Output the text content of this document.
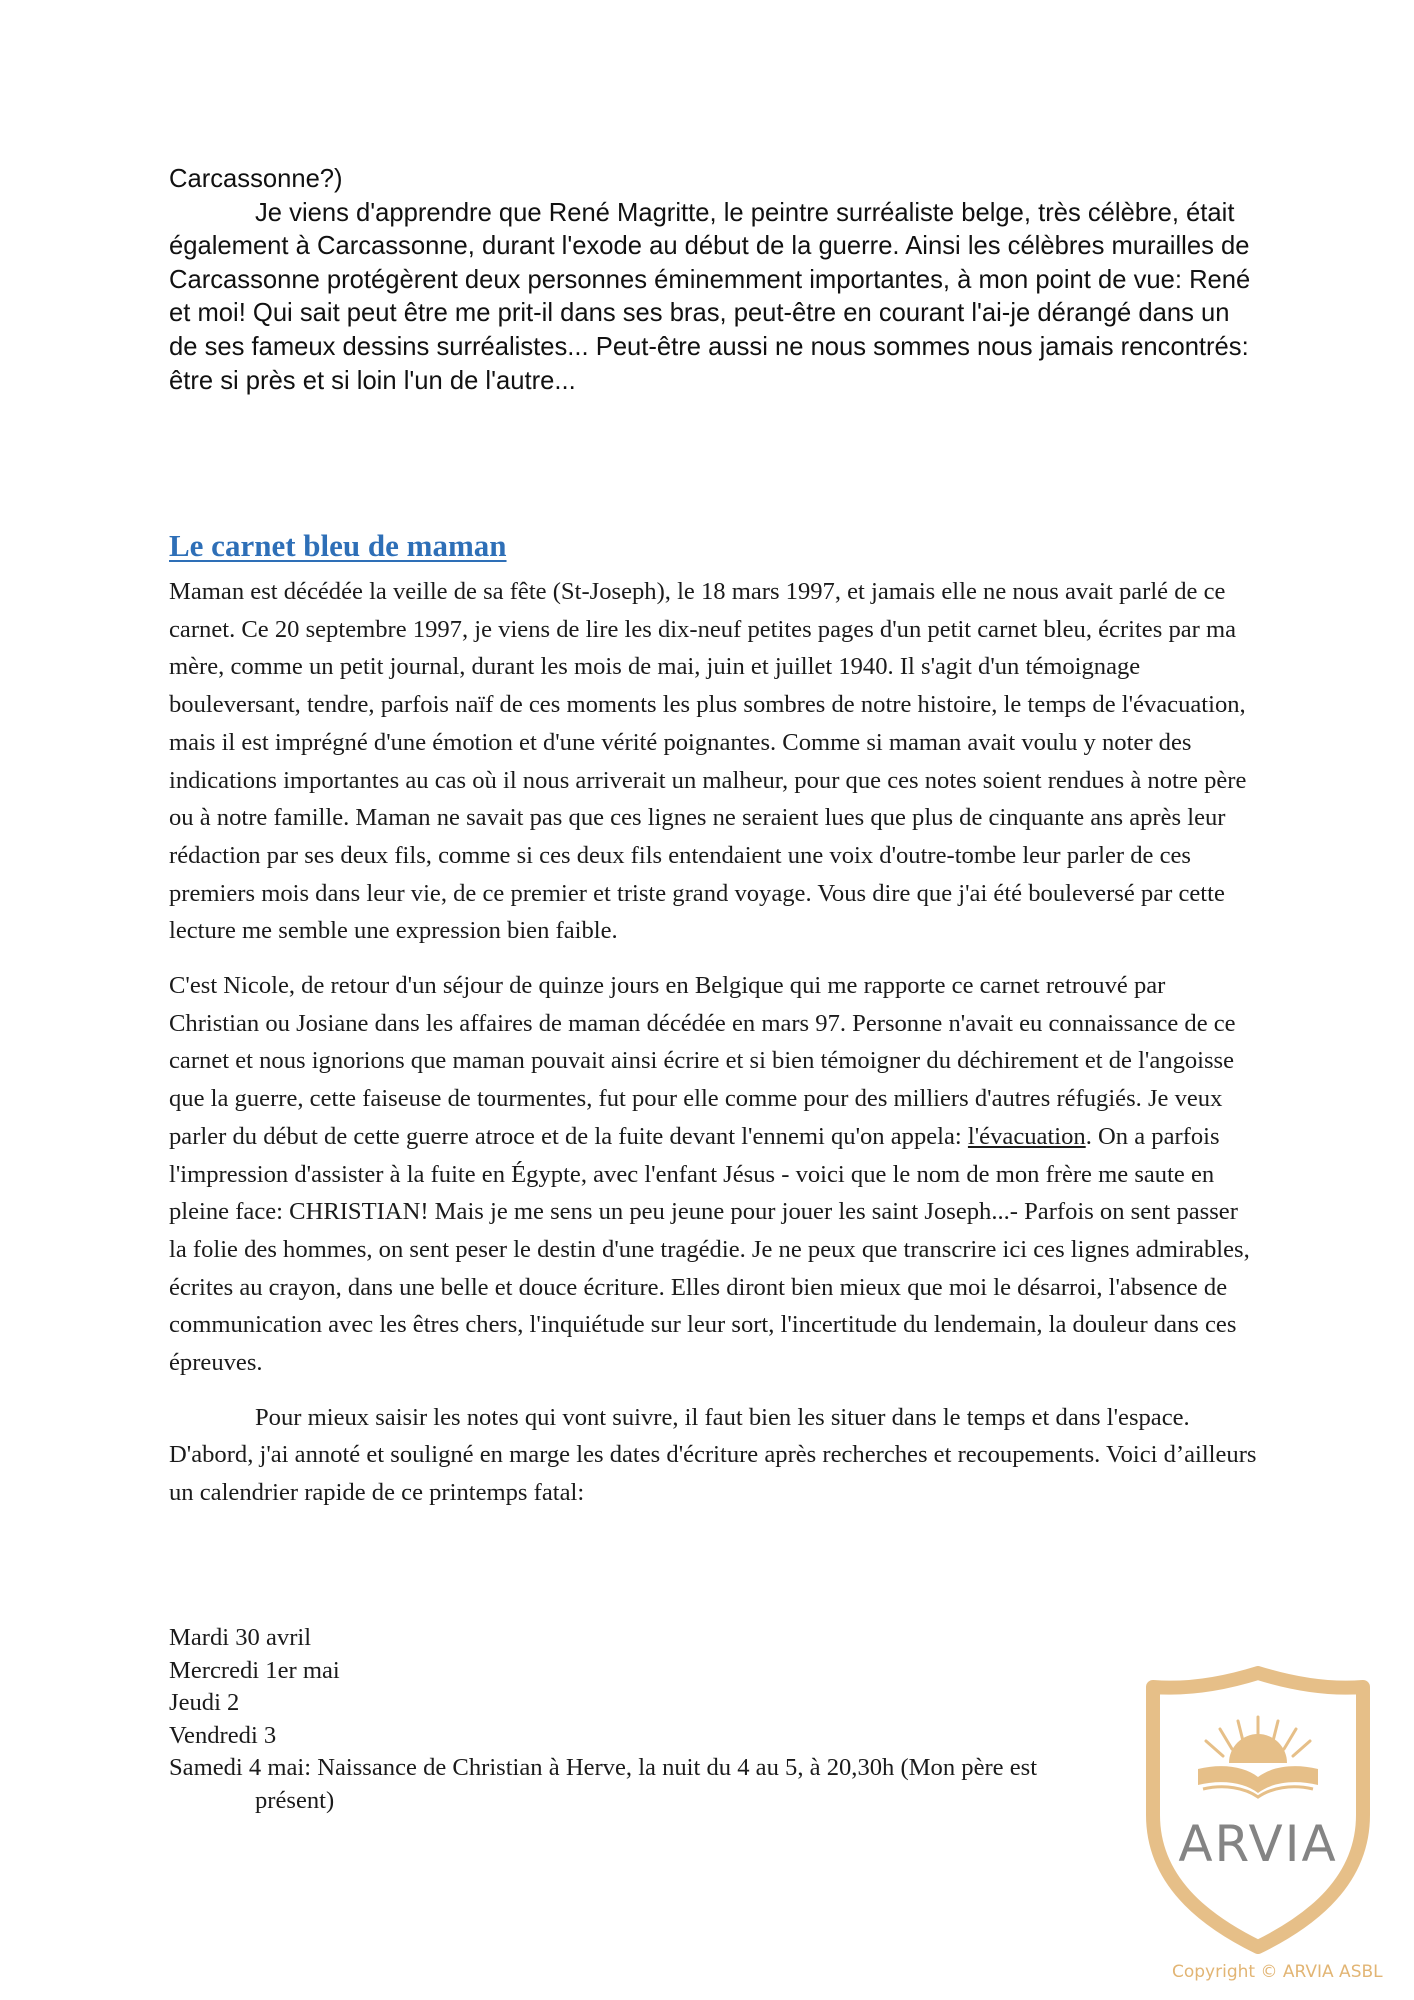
Carcassonne?)

Je viens d'apprendre que René Magritte, le peintre surréaliste belge, très célèbre, était également à Carcassonne, durant l'exode au début de la guerre. Ainsi les célèbres murailles de Carcassonne protégèrent deux personnes éminemment importantes, à mon point de vue: René et moi! Qui sait peut être me prit-il dans ses bras, peut-être en courant l'ai-je dérangé dans un de ses fameux dessins surréalistes... Peut-être aussi ne nous sommes nous jamais rencontrés: être si près et si loin l'un de l'autre...

Le carnet bleu de maman

Maman est décédée la veille de sa fête (St-Joseph), le 18 mars 1997, et jamais elle ne nous avait parlé de ce carnet. Ce 20 septembre 1997, je viens de lire les dix-neuf petites pages d'un petit carnet bleu, écrites par ma mère, comme un petit journal, durant les mois de mai, juin et juillet 1940. Il s'agit d'un témoignage bouleversant, tendre, parfois naïf de ces moments les plus sombres de notre histoire, le temps de l'évacuation, mais il est imprégné d'une émotion et d'une vérité poignantes. Comme si maman avait voulu y noter des indications importantes au cas où il nous arriverait un malheur, pour que ces notes soient rendues à notre père ou à notre famille. Maman ne savait pas que ces lignes ne seraient lues que plus de cinquante ans après leur rédaction par ses deux fils, comme si ces deux fils entendaient une voix d'outre-tombe leur parler de ces premiers mois dans leur vie, de ce premier et triste grand voyage. Vous dire que j'ai été bouleversé par cette lecture me semble une expression bien faible.

C'est Nicole, de retour d'un séjour de quinze jours en Belgique qui me rapporte ce carnet retrouvé par Christian ou Josiane dans les affaires de maman décédée en mars 97. Personne n'avait eu connaissance de ce carnet et nous ignorions que maman pouvait ainsi écrire et si bien témoigner du déchirement et de l'angoisse que la guerre, cette faiseuse de tourmentes, fut pour elle comme pour des milliers d'autres réfugiés. Je veux parler du début de cette guerre atroce et de la fuite devant l'ennemi qu'on appela: l'évacuation. On a parfois l'impression d'assister à la fuite en Égypte, avec l'enfant Jésus - voici que le nom de mon frère me saute en pleine face: CHRISTIAN! Mais je me sens un peu jeune pour jouer les saint Joseph...- Parfois on sent passer la folie des hommes, on sent peser le destin d'une tragédie. Je ne peux que transcrire ici ces lignes admirables, écrites au crayon, dans une belle et douce écriture. Elles diront bien mieux que moi le désarroi, l'absence de communication avec les êtres chers, l'inquiétude sur leur sort, l'incertitude du lendemain, la douleur dans ces épreuves.

Pour mieux saisir les notes qui vont suivre, il faut bien les situer dans le temps et dans l'espace. D'abord, j'ai annoté et souligné en marge les dates d'écriture après recherches et recoupements. Voici d’ailleurs un calendrier rapide de ce printemps fatal:

Mardi 30 avril

Mercredi 1er mai

Jeudi 2

Vendredi 3

Samedi 4 mai: Naissance de Christian à Herve, la nuit du 4 au 5, à 20,30h (Mon père est

présent)

ARVIA
Copyright © ARVIA ASBL
